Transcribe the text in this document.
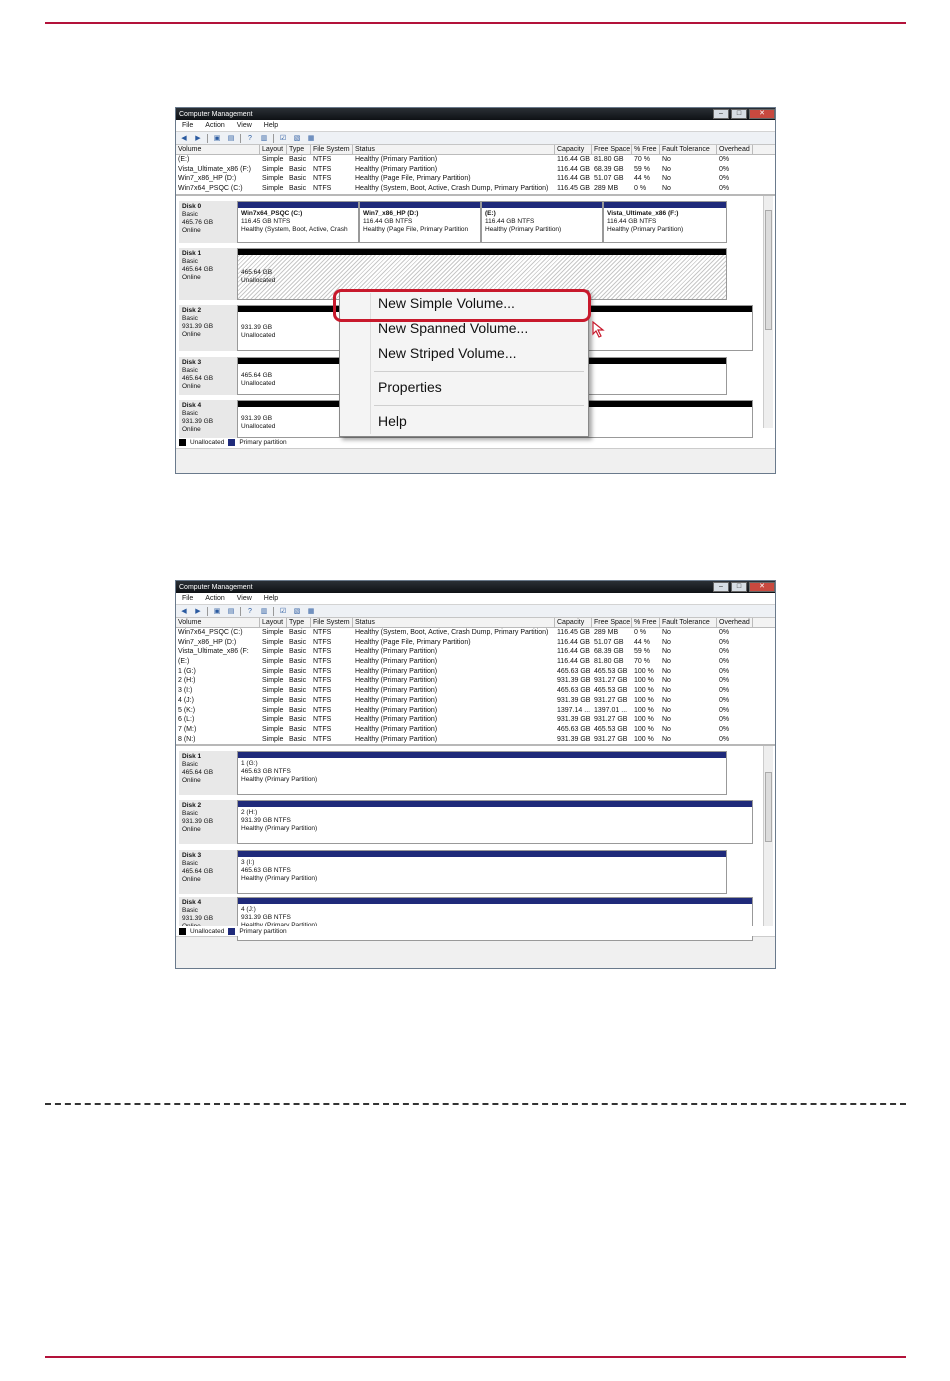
Computer Management	–	□	✕
File Action View Help
◀	▶	▣ ▤	?	▥ ☑ ▧ ▦
Volume	Layout Type	File System Status	Capacity	Free Space % Free Fault Tolerance	Overhead
(E:)	Simple Basic NTFS	Healthy (Primary Partition)	116.44 GB 81.80 GB	70 %	No	0%
Vista_Ultimate_x86 (F:)	Simple Basic NTFS	Healthy (Primary Partition)	116.44 GB 68.39 GB	59 %	No	0%
Win7_x86_HP (D:)	Simple Basic NTFS	Healthy (Page File, Primary Partition)	116.44 GB 51.07 GB	44 %	No	0%
Win7x64_PSQC (C:)	Simple Basic NTFS	Healthy (System, Boot, Active, Crash Dump, Primary Partition)	116.45 GB 289 MB	0 %	No	0%
Disk 0
Basic
465.76 GB
Online
Win7x64_PSQC (C:)
116.45 GB NTFS
Healthy (System, Boot, Active, Crash
Win7_x86_HP (D:)
116.44 GB NTFS
Healthy (Page File, Primary Partition
(E:)
116.44 GB NTFS
Healthy (Primary Partition)
Vista_Ultimate_x86 (F:)
116.44 GB NTFS
Healthy (Primary Partition)
Disk 1
Basic
465.64 GB
Online
465.64 GB
Unallocated
Disk 2
Basic
931.39 GB
Online
931.39 GB
Unallocated
Disk 3
Basic
465.64 GB
Online
465.64 GB
Unallocated
Disk 4
Basic
931.39 GB
Online
931.39 GB
Unallocated
Unallocated Primary partition
New Simple Volume...
New Spanned Volume...
New Striped Volume...
Properties
Help
Computer Management	–	□	✕
File Action View Help
◀	▶	▣ ▤	?	▥ ☑ ▧ ▦
Volume	Layout Type	File System Status	Capacity	Free Space % Free Fault Tolerance	Overhead
Win7x64_PSQC (C:)	Simple Basic NTFS	Healthy (System, Boot, Active, Crash Dump, Primary Partition)	116.45 GB 289 MB	0 %	No	0%
Win7_x86_HP (D:)	Simple Basic NTFS	Healthy (Page File, Primary Partition)	116.44 GB 51.07 GB	44 %	No	0%
Vista_Ultimate_x86 (F:	Simple Basic NTFS	Healthy (Primary Partition)	116.44 GB 68.39 GB	59 %	No	0%
(E:)	Simple Basic NTFS	Healthy (Primary Partition)	116.44 GB 81.80 GB	70 %	No	0%
1 (G:)	Simple Basic NTFS	Healthy (Primary Partition)	465.63 GB 465.53 GB 100 %	No	0%
2 (H:)	Simple Basic NTFS	Healthy (Primary Partition)	931.39 GB 931.27 GB 100 %	No	0%
3 (I:)	Simple Basic NTFS	Healthy (Primary Partition)	465.63 GB 465.53 GB 100 %	No	0%
4 (J:)	Simple Basic NTFS	Healthy (Primary Partition)	931.39 GB 931.27 GB 100 %	No	0%
5 (K:)	Simple Basic NTFS	Healthy (Primary Partition)	1397.14 ... 1397.01 ... 100 %	No	0%
6 (L:)	Simple Basic NTFS	Healthy (Primary Partition)	931.39 GB 931.27 GB 100 %	No	0%
7 (M:)	Simple Basic NTFS	Healthy (Primary Partition)	465.63 GB 465.53 GB 100 %	No	0%
8 (N:)	Simple Basic NTFS	Healthy (Primary Partition)	931.39 GB 931.27 GB 100 %	No	0%
Disk 1
Basic
465.64 GB
Online
1 (G:)
465.63 GB NTFS
Healthy (Primary Partition)
Disk 2
Basic
931.39 GB
Online
2 (H:)
931.39 GB NTFS
Healthy (Primary Partition)
Disk 3
Basic
465.64 GB
Online
3 (I:)
465.63 GB NTFS
Healthy (Primary Partition)
Disk 4
Basic
931.39 GB
4 (J:)
931.39 GB NTFS

Unallocated Primary partition
